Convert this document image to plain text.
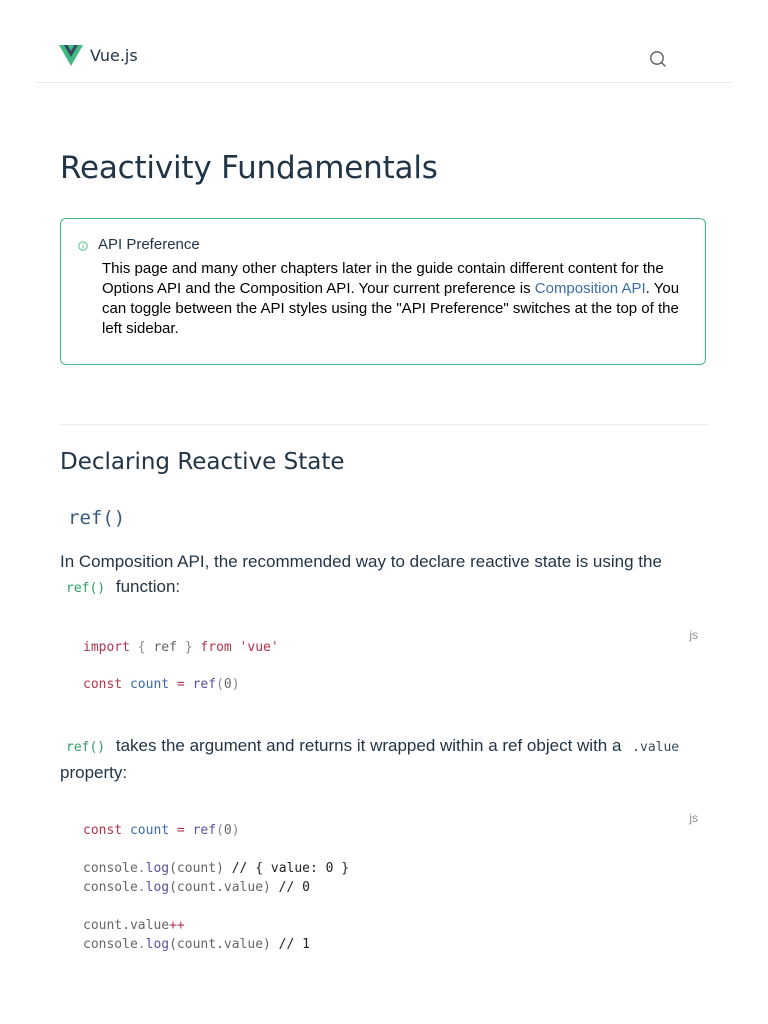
Vue.js
Reactivity Fundamentals
API Preference

This page and many other chapters later in the guide contain different content for the Options API and the Composition API. Your current preference is Composition API. You can toggle between the API styles using the "API Preference" switches at the top of the left sidebar.

Declaring Reactive State
ref()

In Composition API, the recommended way to declare reactive state is using the
ref() function:

js
import { ref } from 'vue'
const count = ref(0)

ref() takes the argument and returns it wrapped within a ref object with a .value
property:

js
const count = ref(0)
console.log(count) // { value: 0 }
console.log(count.value) // 0
count.value++
console.log(count.value) // 1
